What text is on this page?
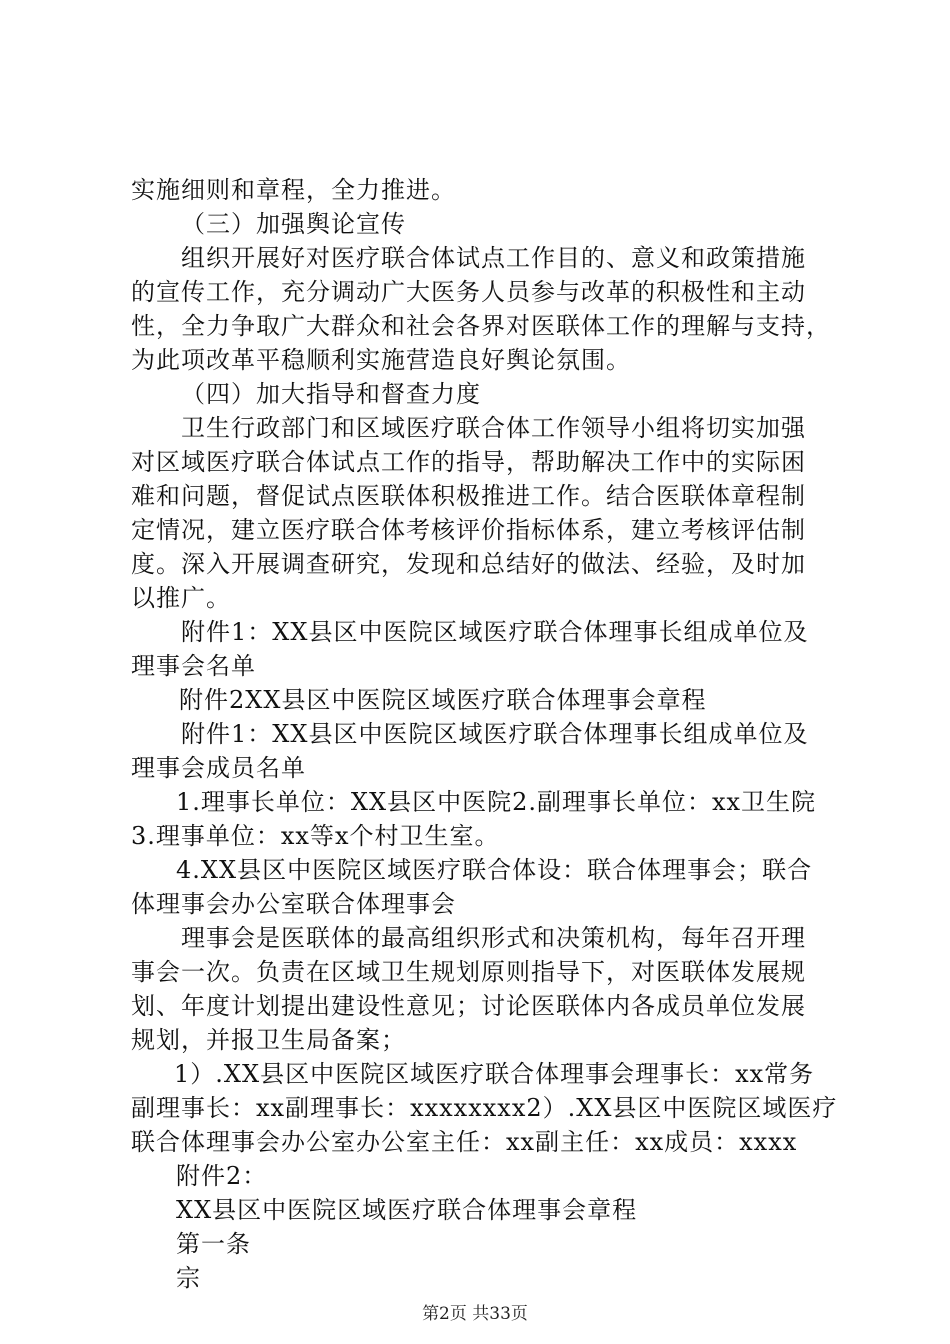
实施细则和章程，全力推进。
（三）加强舆论宣传
组织开展好对医疗联合体试点工作目的、意义和政策措施
的宣传工作，充分调动广大医务人员参与改革的积极性和主动
性，全力争取广大群众和社会各界对医联体工作的理解与支持，
为此项改革平稳顺利实施营造良好舆论氛围。
（四）加大指导和督查力度
卫生行政部门和区域医疗联合体工作领导小组将切实加强
对区域医疗联合体试点工作的指导，帮助解决工作中的实际困
难和问题，督促试点医联体积极推进工作。结合医联体章程制
定情况，建立医疗联合体考核评价指标体系，建立考核评估制
度。深入开展调查研究，发现和总结好的做法、经验，及时加
以推广。
附件1：XX县区中医院区域医疗联合体理事长组成单位及
理事会名单
附件2XX县区中医院区域医疗联合体理事会章程
附件1：XX县区中医院区域医疗联合体理事长组成单位及
理事会成员名单
1.理事长单位：XX县区中医院2.副理事长单位：xx卫生院
3.理事单位：xx等x个村卫生室。
4.XX县区中医院区域医疗联合体设：联合体理事会；联合
体理事会办公室联合体理事会
理事会是医联体的最高组织形式和决策机构，每年召开理
事会一次。负责在区域卫生规划原则指导下，对医联体发展规
划、年度计划提出建设性意见；讨论医联体内各成员单位发展
规划，并报卫生局备案；
1）.XX县区中医院区域医疗联合体理事会理事长：xx常务
副理事长：xx副理事长：xxxxxxxx2）.XX县区中医院区域医疗
联合体理事会办公室办公室主任：xx副主任：xx成员：xxxx
附件2：
XX县区中医院区域医疗联合体理事会章程
第一条
宗
第2页 共33页
